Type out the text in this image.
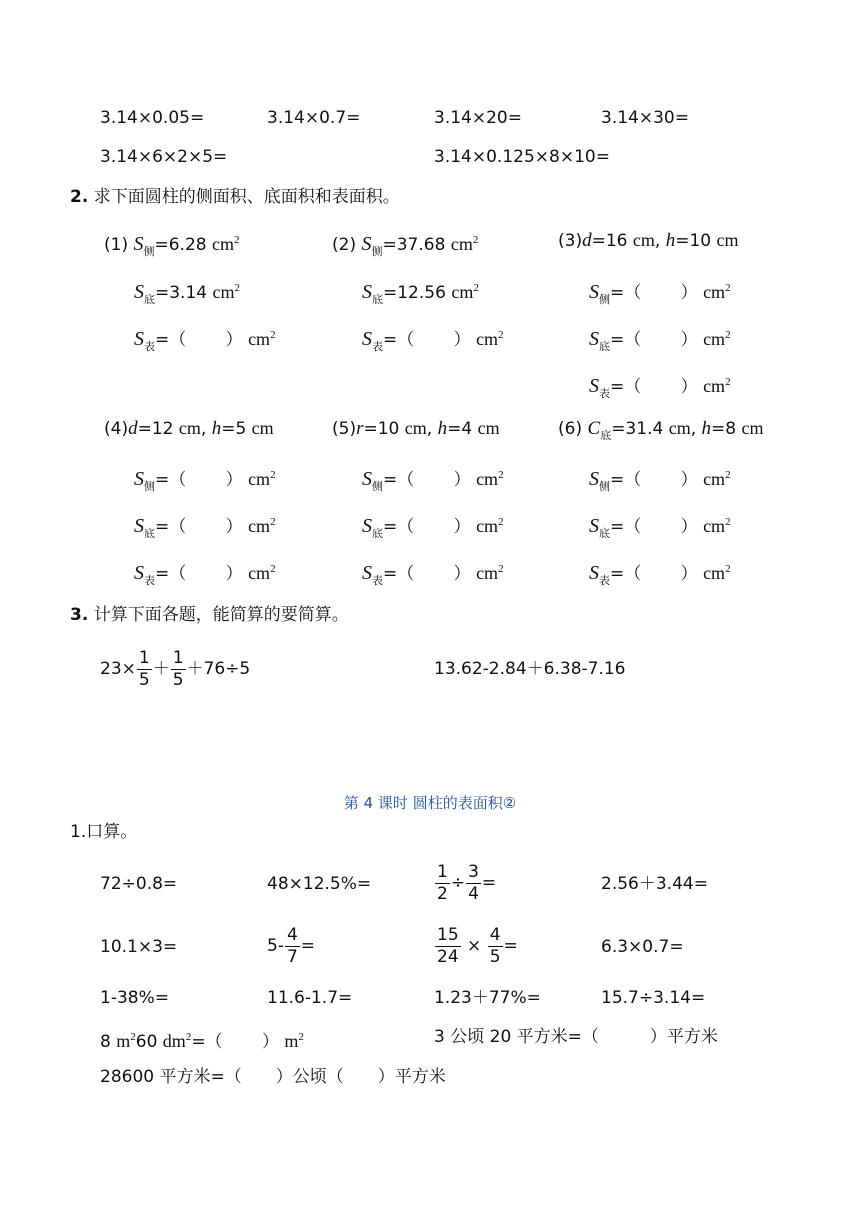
3.14×0.05=	3.14×0.7=	3.14×20=	3.14×30=
3.14×6×2×5=	3.14×0.125×8×10=
2. 求下面圆柱的侧面积、底面积和表面积。
(1) $S_侧=6.28$ $cm^2$
$S_底=3.14$ $cm^2$
$S_表=$（　　 ） $cm^2$
(2) $S_侧=37.68$ $cm^2$
$S_底=12.56$ $cm^2$
$S_表=$（　　 ） $cm^2$
(3)d=16 cm, h=10 cm
$S_侧=$（　　 ） $cm^2$
$S_底=$（　　 ） $cm^2$
$S_表=$（　　 ） $cm^2$
(4)d=12 cm, h=5 cm
$S_侧=$（　　 ） $cm^2$
$S_底=$（　　 ） $cm^2$
$S_表=$（　　 ） $cm^2$
(5)r=10 cm, h=4 cm
$S_侧=$（　　 ） $cm^2$
$S_底=$（　　 ） $cm^2$
$S_表=$（　　 ） $cm^2$
(6) $C_底=31.4$ cm, h=8 cm
$S_侧=$（　　 ） $cm^2$
$S_底=$（　　 ） $cm^2$
$S_表=$（　　 ） $cm^2$
3. 计算下面各题，能简算的要简算。
$23\times \frac{1}{5} + \frac{1}{5} +76\div 5$	13.62-2.84＋6.38-7.16
第 4 课时 圆柱的表面积②
1.口算。
72÷0.8=	48×12.5%=	$\frac{1}{2} \div \frac{3}{4}$ =	2.56＋3.44=
10.1×3=	$5- \frac{4}{7}$ =	$\frac{15}{24} \times \frac{4}{5}$ =	6.3×0.7=
1-38%=	11.6-1.7=	1.23＋77%=	15.7÷3.14=
8 $m^260$ $dm^2=$（　　 ） $m^2$	3 公顷 20 平方米=（　　　）平方米
28600 平方米=（　　）公顷（　　）平方米
